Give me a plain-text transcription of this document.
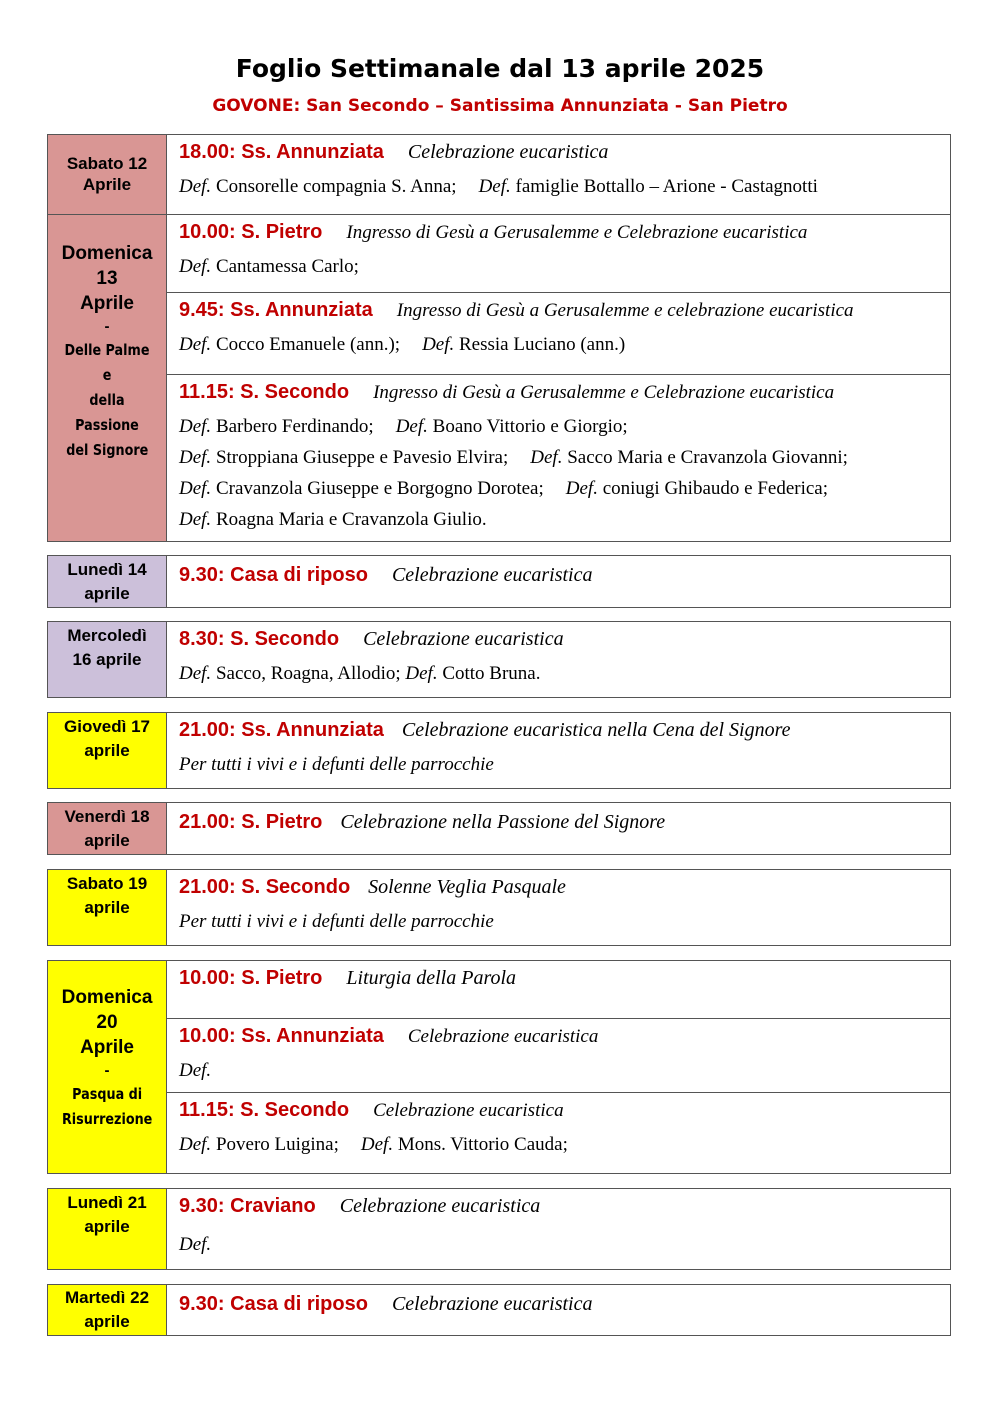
Foglio Settimanale dal 13 aprile 2025
GOVONE: San Secondo – Santissima Annunziata - San Pietro
Sabato 12
Aprile
18.00: Ss. Annunziata Celebrazione eucaristica
Def. Consorelle compagnia S. Anna; Def. famiglie Bottallo – Arione - Castagnotti
Domenica
13
Aprile
-
Delle Palme
e
della Passione
del Signore
10.00: S. Pietro Ingresso di Gesù a Gerusalemme e Celebrazione eucaristica
Def. Cantamessa Carlo;
9.45: Ss. Annunziata Ingresso di Gesù a Gerusalemme e celebrazione eucaristica
Def. Cocco Emanuele (ann.); Def. Ressia Luciano (ann.)
11.15: S. Secondo Ingresso di Gesù a Gerusalemme e Celebrazione eucaristica
Def. Barbero Ferdinando; Def. Boano Vittorio e Giorgio;
Def. Stroppiana Giuseppe e Pavesio Elvira; Def. Sacco Maria e Cravanzola Giovanni;
Def. Cravanzola Giuseppe e Borgogno Dorotea; Def. coniugi Ghibaudo e Federica;
Def. Roagna Maria e Cravanzola Giulio.
Lunedì 14
aprile
9.30: Casa di riposo Celebrazione eucaristica
Mercoledì
16 aprile
8.30: S. Secondo Celebrazione eucaristica
Def. Sacco, Roagna, Allodio; Def. Cotto Bruna.
Giovedì 17
aprile
21.00: Ss. Annunziata Celebrazione eucaristica nella Cena del Signore
Per tutti i vivi e i defunti delle parrocchie
Venerdì 18
aprile
21.00: S. Pietro Celebrazione nella Passione del Signore
Sabato 19
aprile
21.00: S. Secondo Solenne Veglia Pasquale
Per tutti i vivi e i defunti delle parrocchie
Domenica
20
Aprile
-
Pasqua di
Risurrezione
10.00: S. Pietro Liturgia della Parola
10.00: Ss. Annunziata Celebrazione eucaristica
Def.
11.15: S. Secondo Celebrazione eucaristica
Def. Povero Luigina; Def. Mons. Vittorio Cauda;
Lunedì 21
aprile
9.30: Craviano Celebrazione eucaristica
Def.
Martedì 22
aprile
9.30: Casa di riposo Celebrazione eucaristica
